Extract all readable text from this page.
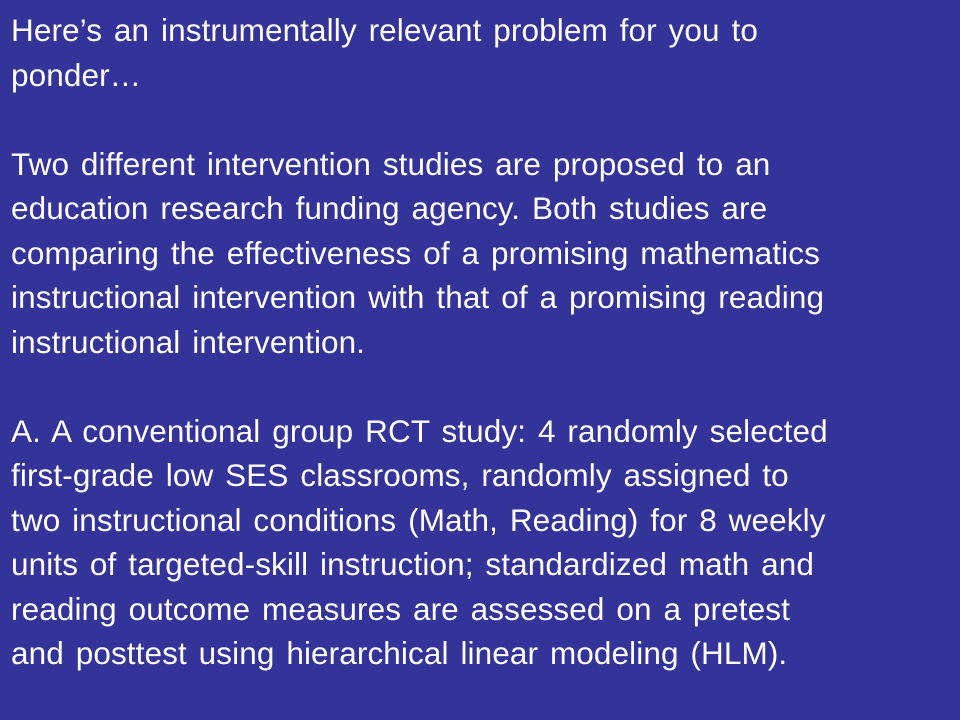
Here’s an instrumentally relevant problem for you to
ponder…

Two different intervention studies are proposed to an
education research funding agency. Both studies are
comparing the effectiveness of a promising mathematics
instructional intervention with that of a promising reading
instructional intervention.

A. A conventional group RCT study: 4 randomly selected
first-grade low SES classrooms, randomly assigned to
two instructional conditions (Math, Reading) for 8 weekly
units of targeted-skill instruction; standardized math and
reading outcome measures are assessed on a pretest
and posttest using hierarchical linear modeling (HLM).
